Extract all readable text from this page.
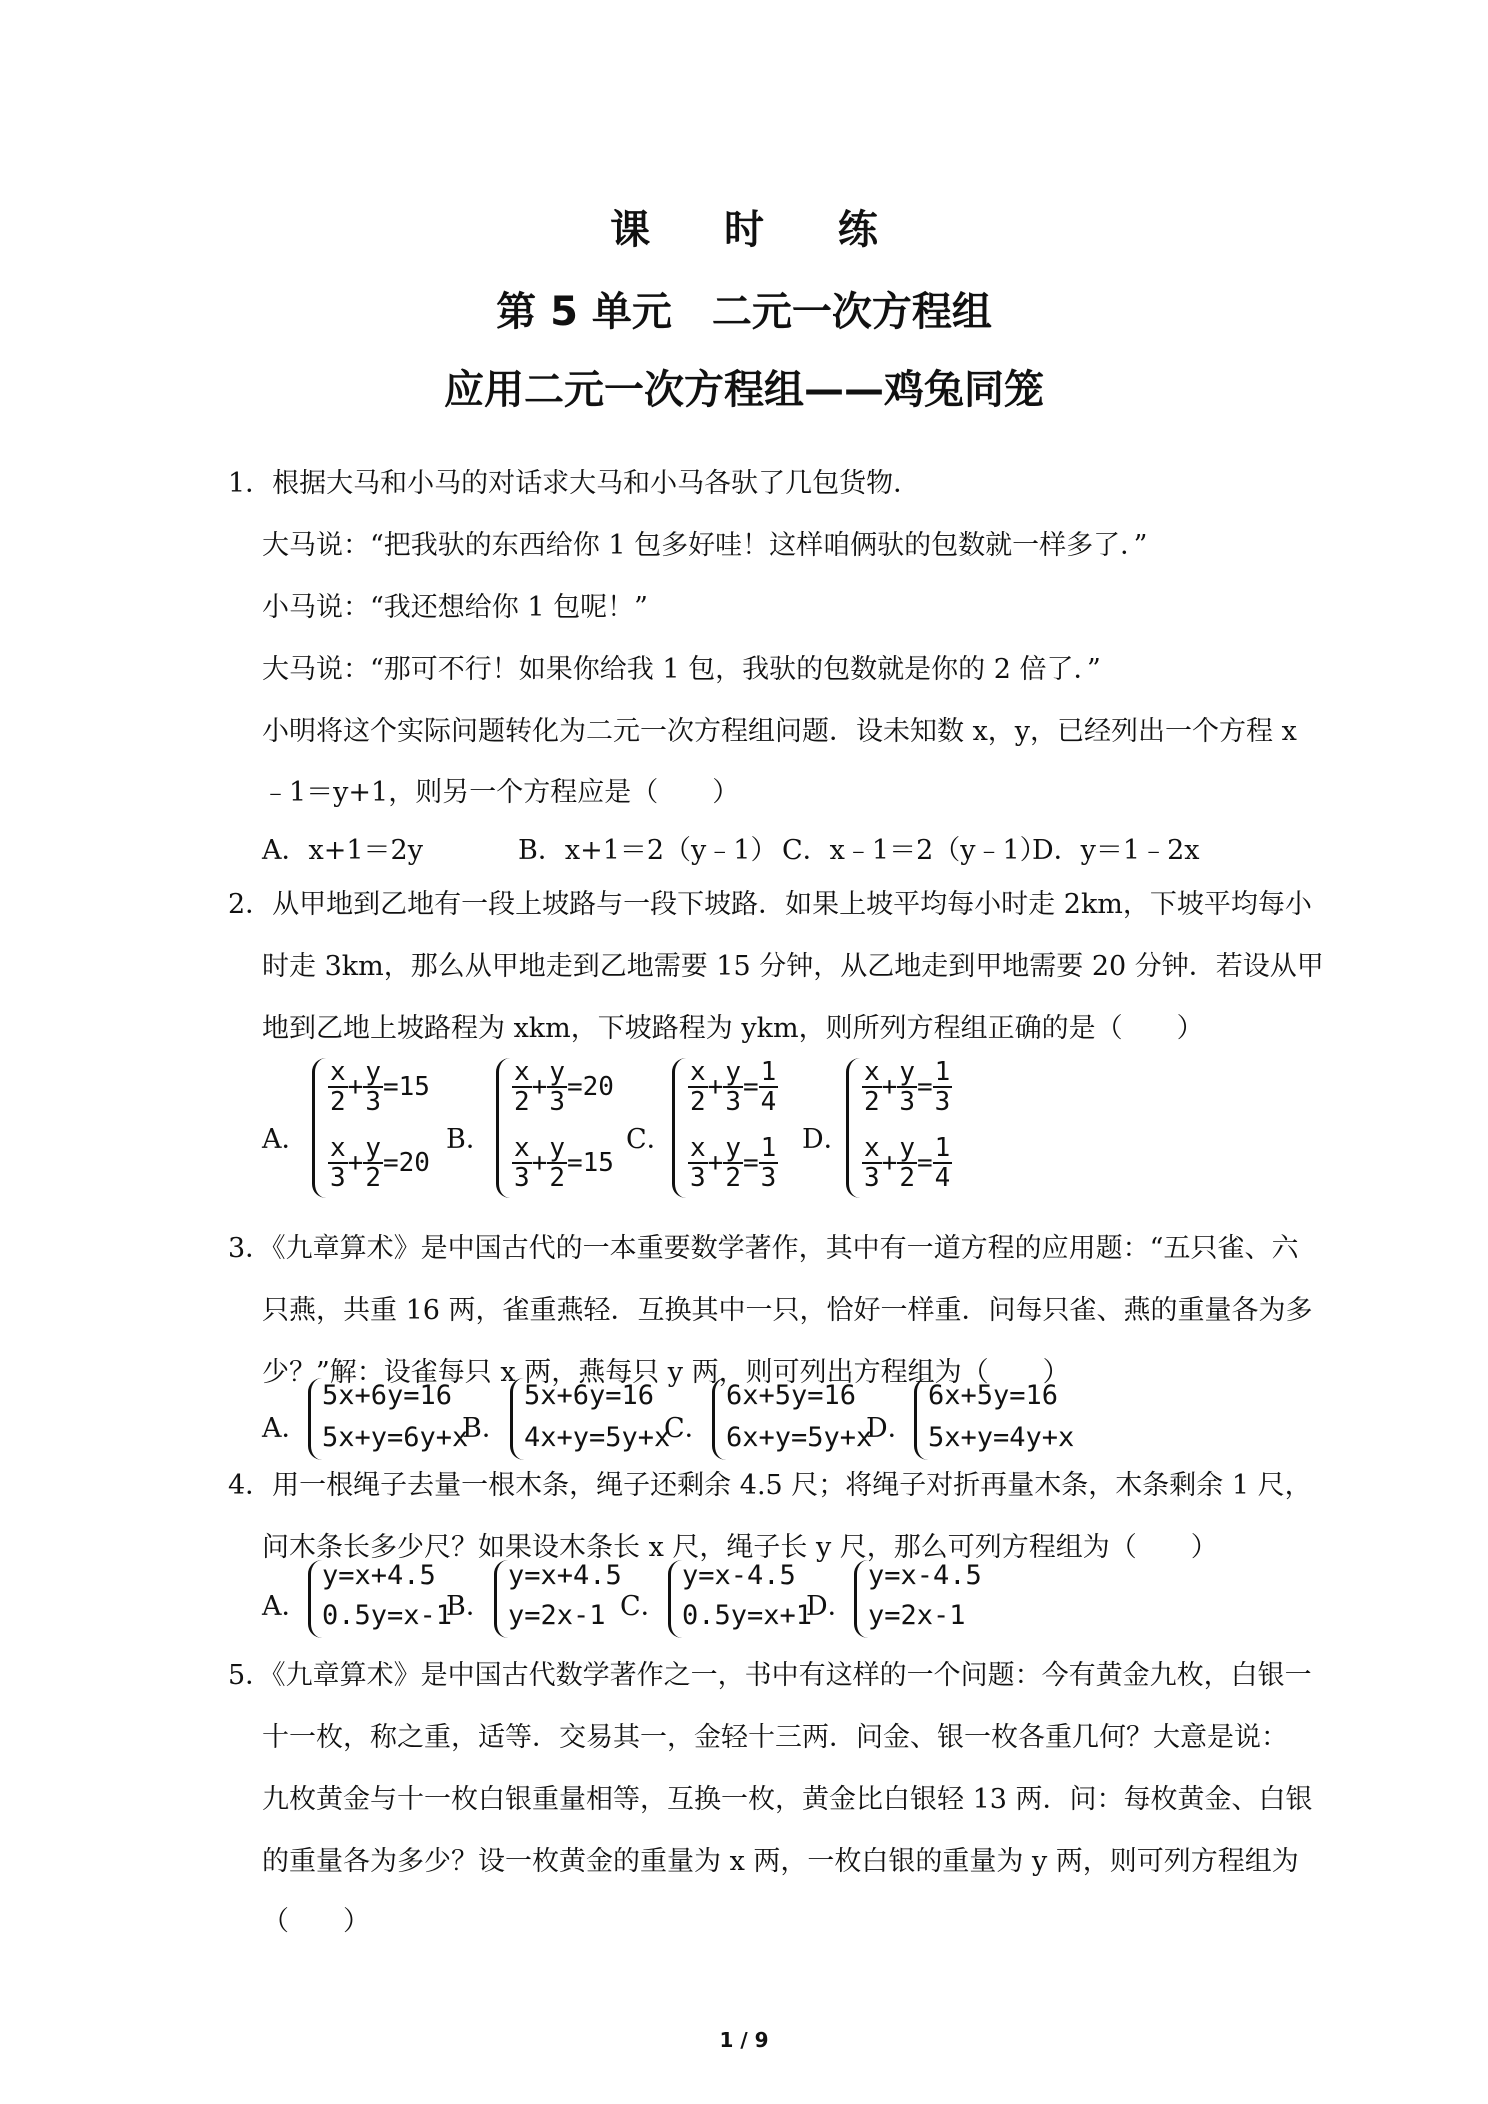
课 时 练
第 5 单元　二元一次方程组
应用二元一次方程组——鸡兔同笼
1．根据大马和小马的对话求大马和小马各驮了几包货物．
大马说：“把我驮的东西给你 1 包多好哇！这样咱俩驮的包数就一样多了．”
小马说：“我还想给你 1 包呢！”
大马说：“那可不行！如果你给我 1 包，我驮的包数就是你的 2 倍了．”
小明将这个实际问题转化为二元一次方程组问题．设未知数 x，y，已经列出一个方程 x
﹣1＝y+1，则另一个方程应是（　　）
A．x+1＝2y	B．x+1＝2（y﹣1） C．x﹣1＝2（y﹣1）
D．y＝1﹣2x
2．从甲地到乙地有一段上坡路与一段下坡路．如果上坡平均每小时走 2km，下坡平均每小
时走 3km，那么从甲地走到乙地需要 15 分钟，从乙地走到甲地需要 20 分钟．若设从甲
地到乙地上坡路程为 xkm，下坡路程为 ykm，则所列方程组正确的是（　　）
A．	B．	C．	D．
$\frac{x}{2} + \frac{y}{3} =15$
$\frac{x}{3} + \frac{y}{2} =20$
$\frac{x}{2} + \frac{y}{3} =20$
$\frac{x}{3} + \frac{y}{2} =15$
$\frac{x}{2} + \frac{y}{3} = \frac{1}{4}$
$\frac{x}{3} + \frac{y}{2} = \frac{1}{3}$
$\frac{x}{2} + \frac{y}{3} = \frac{1}{3}$
$\frac{x}{3} + \frac{y}{2} = \frac{1}{4}$
3．《九章算术》是中国古代的一本重要数学著作，其中有一道方程的应用题：“五只雀、六
只燕，共重 16 两，雀重燕轻．互换其中一只，恰好一样重．问每只雀、燕的重量各为多
少？”解：设雀每只 x 两，燕每只 y 两，则可列出方程组为（　　）
A．	B．	C．	D．
5x+6y=16
5x+y=6y+x
5x+6y=16
4x+y=5y+x
6x+5y=16
6x+y=5y+x
6x+5y=16
5x+y=4y+x
4．用一根绳子去量一根木条，绳子还剩余 4.5 尺；将绳子对折再量木条，木条剩余 1 尺，
问木条长多少尺？如果设木条长 x 尺，绳子长 y 尺，那么可列方程组为（　　）
A．	B．	C．	D．
y=x+4.5
0.5y=x-1
y=x+4.5
y=2x-1
y=x-4.5
0.5y=x+1
y=x-4.5
y=2x-1
5．《九章算术》是中国古代数学著作之一，书中有这样的一个问题：今有黄金九枚，白银一
十一枚，称之重，适等．交易其一，金轻十三两．问金、银一枚各重几何？大意是说：
九枚黄金与十一枚白银重量相等，互换一枚，黄金比白银轻 13 两．问：每枚黄金、白银
的重量各为多少？设一枚黄金的重量为 x 两，一枚白银的重量为 y 两，则可列方程组为
（　　）
1 / 9
